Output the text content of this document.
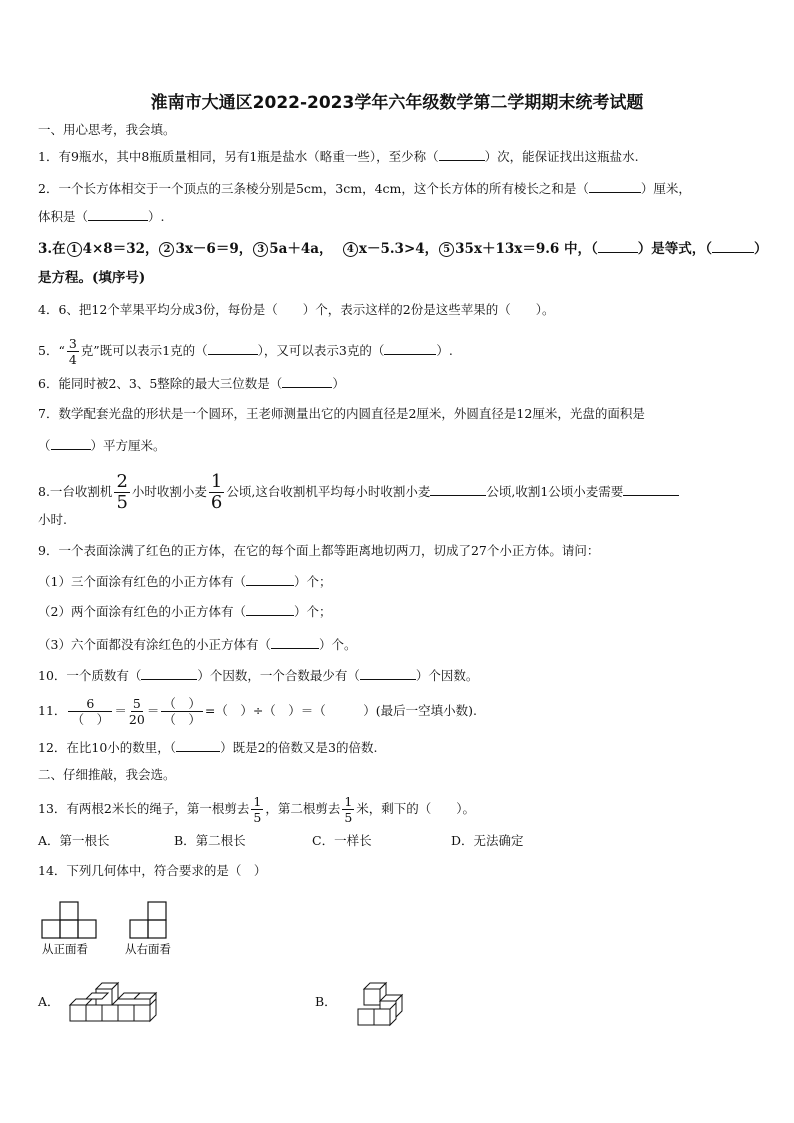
淮南市大通区2022-2023学年六年级数学第二学期期末统考试题
一、用心思考，我会填。
1．有9瓶水，其中8瓶质量相同，另有1瓶是盐水（略重一些），至少称（	）次，能保证找出这瓶盐水.
2．一个长方体相交于一个顶点的三条棱分别是5cm，3cm，4cm，这个长方体的所有棱长之和是（	）厘米，
体积是（	）.
3.在 1 4×8＝32， 2 3x－6＝9， 3 5a＋4a， 4 x－5.3>4， 5 35x＋13x＝9.6 中，（	）是等式，（	）
是方程。(填序号)
4．6、把12个苹果平均分成3份，每份是（　　）个，表示这样的2份是这些苹果的（　　）。
5．“ $\frac{3}{4}$ 克”既可以表示1克的（	），又可以表示3克的（	）.
6．能同时被2、3、5整除的最大三位数是（	）
7．数学配套光盘的形状是一个圆环，王老师测量出它的内圆直径是2厘米，外圆直径是12厘米，光盘的面积是
（	）平方厘米。
8.一台收割机 $\frac{2}{5}$ 小时收割小麦 $\frac{1}{6}$ 公顷,这台收割机平均每小时收割小麦	公顷,收割1公顷小麦需要
小时.
9．一个表面涂满了红色的正方体，在它的每个面上都等距离地切两刀，切成了27个小正方体。请问：
（1）三个面涂有红色的小正方体有（	）个；
（2）两个面涂有红色的小正方体有（	）个；
（3）六个面都没有涂红色的小正方体有（	）个。
10．一个质数有（	）个因数，一个合数最少有（	）个因数。
11． $\frac{6}{( )} = \frac{5}{20} = \frac{( )}{( )}$ =（　）÷（　）＝（　　　）(最后一空填小数).
12．在比10小的数里，（	）既是2的倍数又是3的倍数.
二、仔细推敲，我会选。
13．有两根2米长的绳子，第一根剪去 $\frac{1}{5}$ ，第二根剪去 $\frac{1}{5}$ 米，剩下的（　　）。
A．第一根长	B．第二根长	C．一样长	D．无法确定
14．下列几何体中，符合要求的是（　）
从正面看	从右面看
A．	B．
